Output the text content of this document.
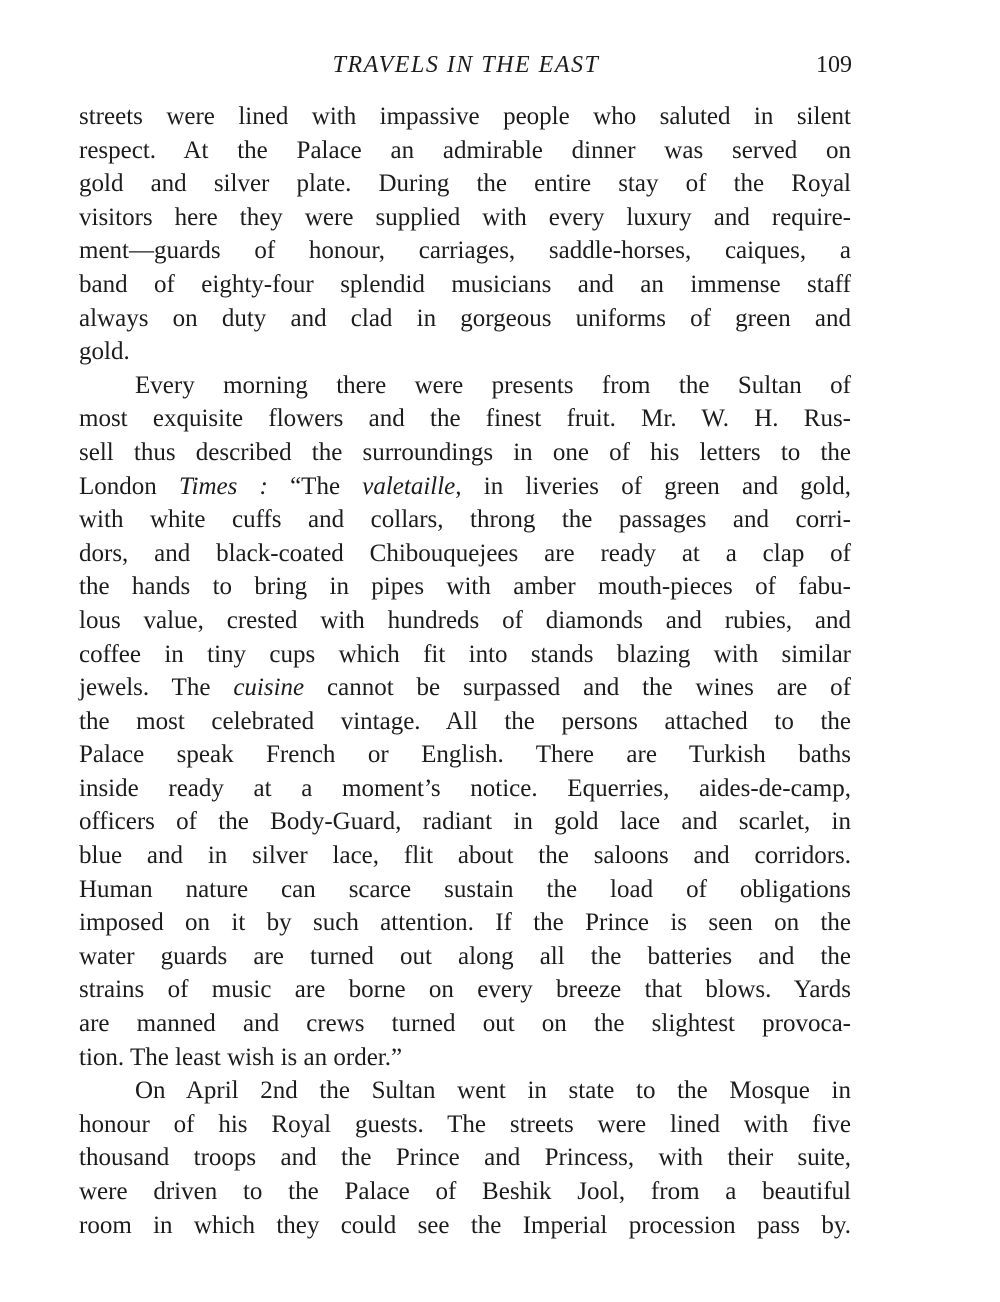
TRAVELS IN THE EAST	109
streets were lined with impassive people who saluted in silent
respect. At the Palace an admirable dinner was served on
gold and silver plate. During the entire stay of the Royal
visitors here they were supplied with every luxury and require-
ment—guards of honour, carriages, saddle-horses, caiques, a
band of eighty-four splendid musicians and an immense staff
always on duty and clad in gorgeous uniforms of green and
gold.
Every morning there were presents from the Sultan of
most exquisite flowers and the finest fruit. Mr. W. H. Rus-
sell thus described the surroundings in one of his letters to the
London Times : “The valetaille, in liveries of green and gold,
with white cuffs and collars, throng the passages and corri-
dors, and black-coated Chibouquejees are ready at a clap of
the hands to bring in pipes with amber mouth-pieces of fabu-
lous value, crested with hundreds of diamonds and rubies, and
coffee in tiny cups which fit into stands blazing with similar
jewels. The cuisine cannot be surpassed and the wines are of
the most celebrated vintage. All the persons attached to the
Palace speak French or English. There are Turkish baths
inside ready at a moment’s notice. Equerries, aides-de-camp,
officers of the Body-Guard, radiant in gold lace and scarlet, in
blue and in silver lace, flit about the saloons and corridors.
Human nature can scarce sustain the load of obligations
imposed on it by such attention. If the Prince is seen on the
water guards are turned out along all the batteries and the
strains of music are borne on every breeze that blows. Yards
are manned and crews turned out on the slightest provoca-
tion. The least wish is an order.”
On April 2nd the Sultan went in state to the Mosque in
honour of his Royal guests. The streets were lined with five
thousand troops and the Prince and Princess, with their suite,
were driven to the Palace of Beshik Jool, from a beautiful
room in which they could see the Imperial procession pass by.
